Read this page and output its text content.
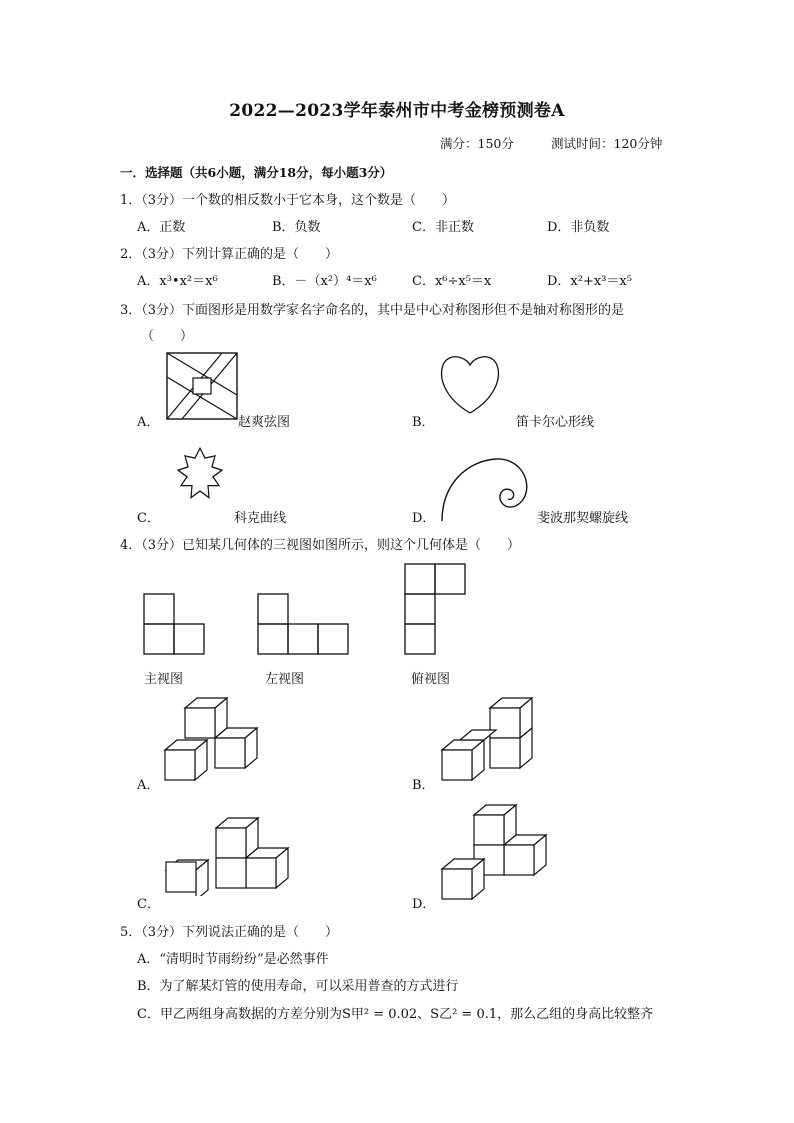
2022—2023学年泰州市中考金榜预测卷A
满分：150分	测试时间：120分钟
一．选择题（共6小题，满分18分，每小题3分）
1．（3分）一个数的相反数小于它本身，这个数是（　　）
A．正数	B．负数	C．非正数	D．非负数
2．（3分）下列计算正确的是（　　）
A．x³•x²＝x⁶	B．－（x²）⁴＝x⁶	C．x⁶÷x⁵＝x	D．x²+x³＝x⁵
3．（3分）下面图形是用数学家名字命名的，其中是中心对称图形但不是轴对称图形的是
（　　）
A．	赵爽弦图	B．	笛卡尔心形线
C．	科克曲线	D．	斐波那契螺旋线
4．（3分）已知某几何体的三视图如图所示，则这个几何体是（　　）
主视图	左视图	俯视图
A．	B．
C．	D．
5．（3分）下列说法正确的是（　　）
A．“清明时节雨纷纷”是必然事件
B．为了解某灯管的使用寿命，可以采用普查的方式进行
C．甲乙两组身高数据的方差分别为S甲² = 0.02、S乙² = 0.1，那么乙组的身高比较整齐
